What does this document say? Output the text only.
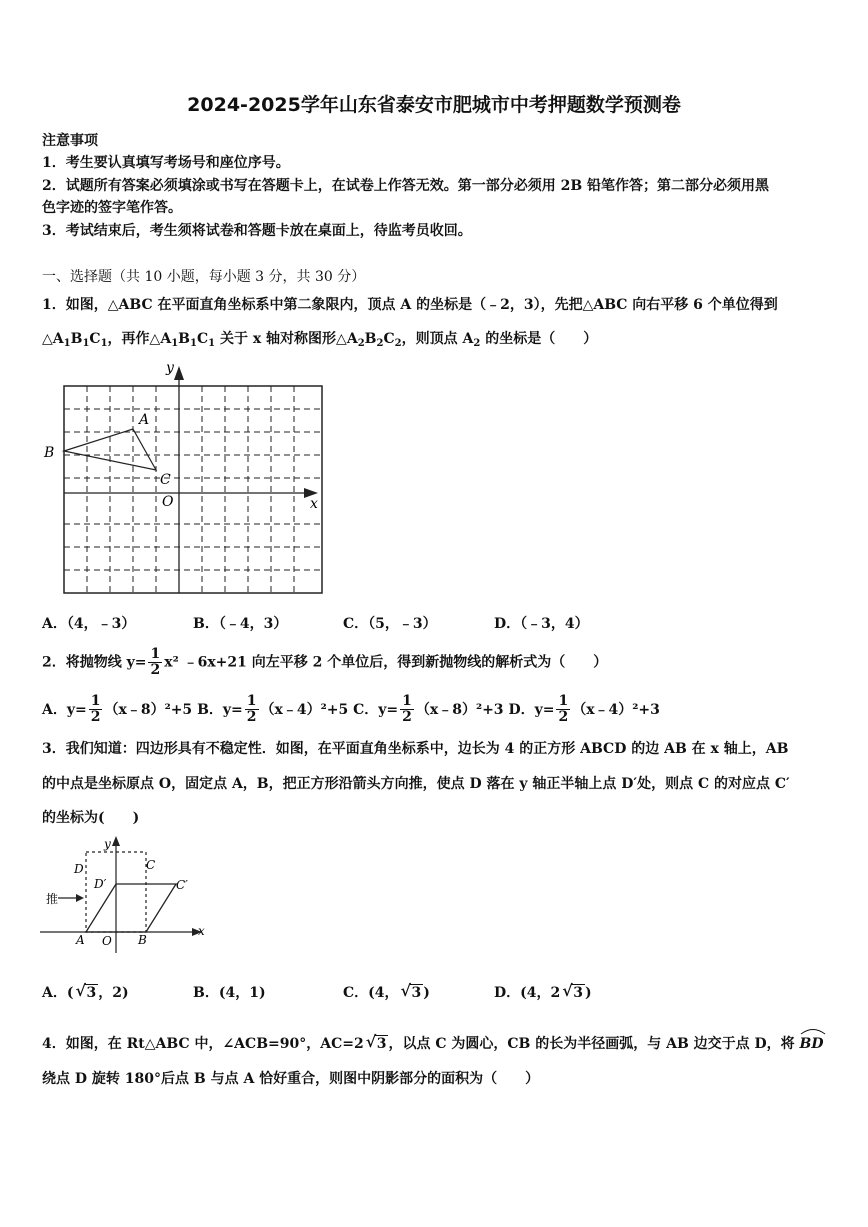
2024-2025学年山东省泰安市肥城市中考押题数学预测卷
注意事项
1．考生要认真填写考场号和座位序号。
2．试题所有答案必须填涂或书写在答题卡上，在试卷上作答无效。第一部分必须用 2B 铅笔作答；第二部分必须用黑
色字迹的签字笔作答。
3．考试结束后，考生须将试卷和答题卡放在桌面上，待监考员收回。
一、选择题（共 10 小题，每小题 3 分，共 30 分）
1．如图，△ABC 在平面直角坐标系中第二象限内，顶点 A 的坐标是（﹣2，3），先把△ABC 向右平移 6 个单位得到
$\triangle A_1B_1C_1$，再作$\triangle A_1B_1C_1$ 关于 x 轴对称图形$\triangle A_2B_2C_2$，则顶点 $A_2$ 的坐标是（　　）
y
x
A
B
C
O
A．（4，﹣3）	B．（﹣4，3）	C．（5，﹣3）	D．（﹣3，4）
2．将抛物线 $y= \frac{1}{2} x^2$ ﹣6x+21 向左平移 2 个单位后，得到新抛物线的解析式为（　　）
A．$y= \frac{1}{2}$ （x﹣8）²+5 B．$y= \frac{1}{2}$ （x﹣4）²+5 C．$y= \frac{1}{2}$ （x﹣8）²+3 D．$y= \frac{1}{2}$ （x﹣4）²+3
3．我们知道：四边形具有不稳定性．如图，在平面直角坐标系中，边长为 4 的正方形 ABCD 的边 AB 在 x 轴上，AB
的中点是坐标原点 O，固定点 A，B，把正方形沿箭头方向推，使点 D 落在 y 轴正半轴上点 D′处，则点 C 的对应点 C′
的坐标为(　　)
y
x
D	C
D′	C′
推
A O B
A．( √ 3 ，2)	B．(4，1)	C．(4， √ 3 )	D．(4，2 √ 3 )
4．如图，在 Rt△ABC 中，∠ACB=90°，AC=2 √ 3 ，以点 C 为圆心，CB 的长为半径画弧，与 AB 边交于点 D，将 BD
绕点 D 旋转 180°后点 B 与点 A 恰好重合，则图中阴影部分的面积为（　　）
